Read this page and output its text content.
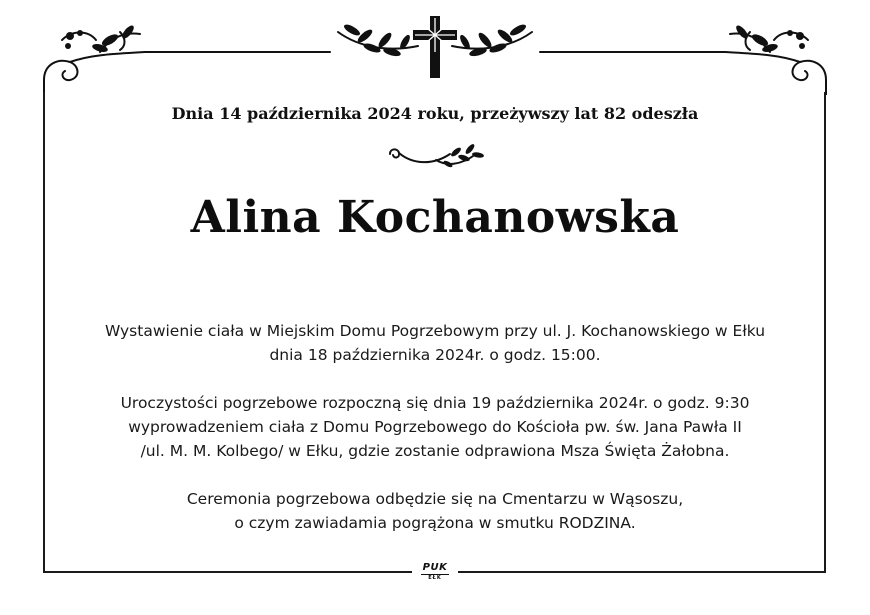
Dnia 14 października 2024 roku, przeżywszy lat 82 odeszła
Alina Kochanowska
Wystawienie ciała w Miejskim Domu Pogrzebowym przy ul. J. Kochanowskiego w Ełku
dnia 18 października 2024r. o godz. 15:00.
Uroczystości pogrzebowe rozpoczną się dnia 19 października 2024r. o godz. 9:30
wyprowadzeniem ciała z Domu Pogrzebowego do Kościoła pw. św. Jana Pawła II
/ul. M. M. Kolbego/ w Ełku, gdzie zostanie odprawiona Msza Święta Żałobna.
Ceremonia pogrzebowa odbędzie się na Cmentarzu w Wąsoszu,
o czym zawiadamia pogrążona w smutku RODZINA.
PUK
EŁK
